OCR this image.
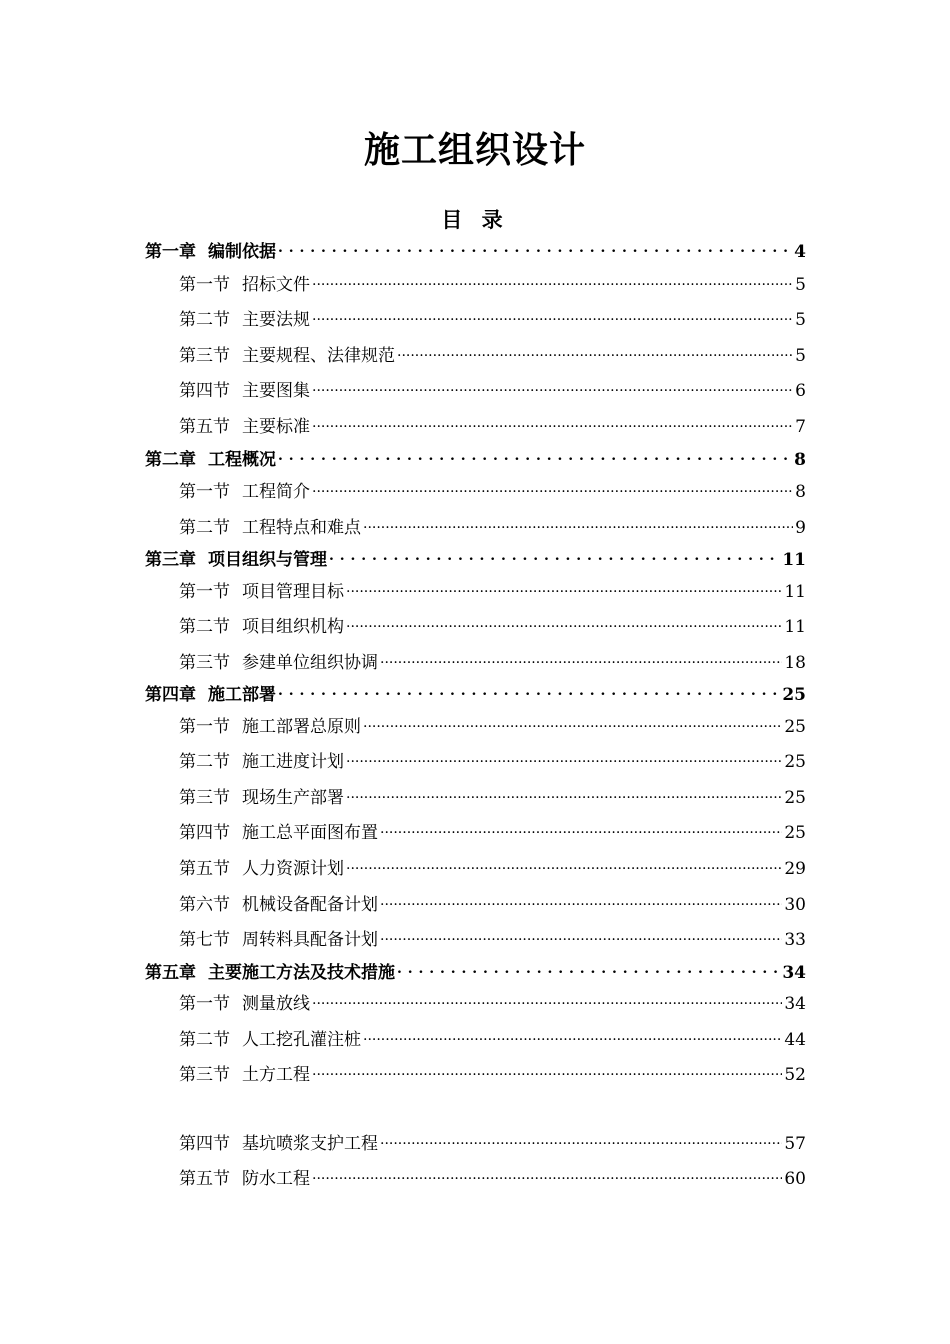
施工组织设计
目 录
第一章 编制依据 . . .	4
第一节 招标文件 .....	5
第二节 主要法规 .....	5
第三节 主要规程、法律规范 .....	5
第四节 主要图集 .....	6
第五节 主要标准 .....	7
第二章 工程概况 . . .	8
第一节 工程简介 .....	8
第二节 工程特点和难点 .....	9
第三章 项目组织与管理 . . .	11
第一节 项目管理目标 .....	11
第二节 项目组织机构 .....	11
第三节 参建单位组织协调 .....	18
第四章 施工部署 . . .	25
第一节 施工部署总原则 .....	25
第二节 施工进度计划 .....	25
第三节 现场生产部署 .....	25
第四节 施工总平面图布置 .....	25
第五节 人力资源计划 .....	29
第六节 机械设备配备计划 .....	30
第七节 周转料具配备计划 .....	33
第五章 主要施工方法及技术措施 . . .	34
第一节 测量放线 .....	34
第二节 人工挖孔灌注桩 .....	44
第三节 土方工程 .....	52
第四节 基坑喷浆支护工程 .....	57
第五节 防水工程 .....	60
